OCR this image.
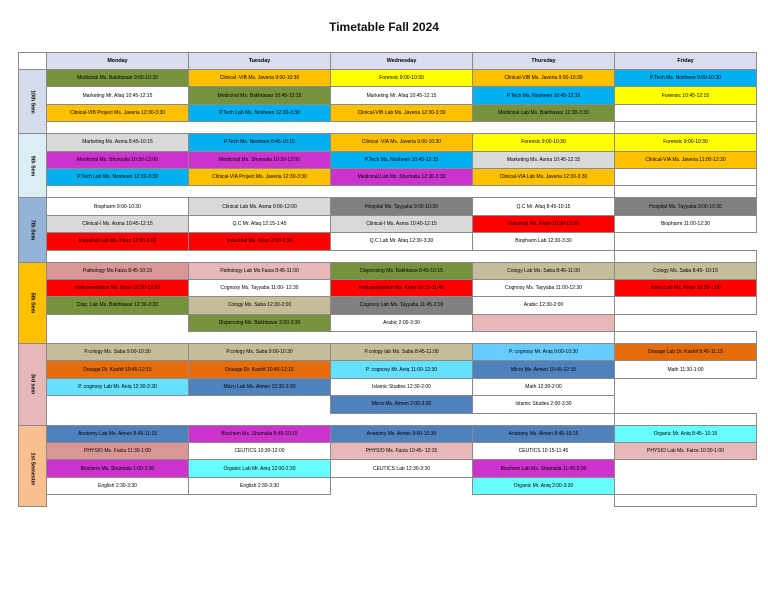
Timetable Fall 2024
	Monday	Tuesday	Wednesday	Thursday	Friday

10th Sem	Medicinal Ms. Bakhtawar 9:00-10:30	Clinical -VIB Ms. Javeria 9:00-10:30	Forensic 9:00-10:30	Clinical-VIB Ms. Javeria 9:00-10:30	P.Tech Ms. Nosheen 9:00-10:30
	Marketing Mr. Afaq 10:45-12:15	Medicinal Ms. Bakhtawar 10:45-12:15	Marketing Mr. Afaq 10:45-12:15	P.Tech Ms. Nosheen 10:45-12:15	Forensic 10:45-12:15
	Clinical-VIB Project Ms. Javeria 12:30-3:30	P.Tech Lab Ms. Nosheen 12:30-3:30	Clinical-VIB Lab Ms. Javeria 12:30-3:30	Medicinal Lab Ms. Bakhtawar 12:30-3:30	

9th Sem	Marketing Ms. Asma 8:45-10:15	P.Tech Ms. Nosheen 8:45-10:15	Clinical -VIA Ms. Javeria 9:00-10:30	Forensic 9:00-10:30	Forensic 9:00-10:30
	Medicinal Ms. Shumaila 10:30-12:00	Medicinal Ms. Shumaila 10:30-12:00	P.Tech Ms. Nosheen 10:45-12:15	Marketing Ms. Asma 10:45-12:15	Clinical-VIA Ms. Javeria 11:00-12:30
	P.Tech Lab Ms. Nosheen 12:30-3:30	Clinical-VIA Project Ms. Javeria 12:30-3:30	Medicinal Lab Ms. Shumaila 12:30-3:30	Clinical-VIA Lab Ms. Javeria 12:30-3:30	

7th Sem	Biopharm 9:00-10:30	Clinical Lab Ms. Asma 9:00-12:00	Hospital Ms. Tayyaba 9:00-10:30	Q.C Mr. Afaq 8:45-10:15	Hospital Ms. Tayyaba 9:00-10:30
	Clinical-I Ms. Asma 10:45-12:15	Q.C Mr. Afaq 12:15-1:45	Clinical-I Ms. Asma 10:45-12:15	Industrial Ms. Kiran 10:30-12:00	Biopharm 11:00-12:30
	Industrial Lab Ms. Kiran 12:00-3:00	Industrial Ms. Kiran 2:00-3:30	Q.C Lab Mr. Afaq 12:30-3:30	Biopharm Lab 12:30-3:30	

5th Sem	Pathology Ms.Faiza 8:45-10:15	Pathology Lab Ms.Faiza 8:45-11:00	Dispensing Ms. Bakhtawa 8:45-10:15	Cology Lab Ms. Saba 8:45-11:00	Cology Ms. Saba 8:45- 10:15
	Instrumentation Ms. Kiran 10:30-12:00	Cognosy Ms. Tayyaba 11:00- 12:30	Instrumentation Ms. Kiran 10:15-11:45	Cognosy Ms. Tayyaba 11:00-12:30	Instru Lab Ms. Kiran 10:30-1:00
	Disp. Lab Ms. Bakhtawar 12:30-3:30	Cology Ms. Saba 12:30-2:00	Cognosy Lab Ms. Tayyaba 11:45-2:00	Arabic 12:30-2:00	
		Dispensing Ms. Bakhtawar 2:00-3:30	Arabic 2:00-3:30		

3rd sem	P.cology Ms. Saba 9:00-10:30	P.cology Ms. Saba 9:00-10:30	P.cology lab Ms. Saba 8:45-11:00	P. cognosy Mr. Aniq 9:00-10:30	Dosage Lab Dr. Kashif 8:45-11:15
	Dosage Dr. Kashif 10:45-12:15	Dosage Dr. Kashif 10:45-12:15	P. cognosy Mr. Aniq 11:00-12:30	Micro Ms. Aimen 10:45-12:15	Math 11:30-1:00
	P. cognosy Lab Mr. Aniq 12:30-3:30	Micro Lab Ms. Aimen 12:30-3:30	Islamic Studies 12:30-2:00	Math 12:30-2:00	
			Micro Ms. Aimen 2:00-3:30	Islamic Studies 2:00-3:30	

1st Semester	Anatomy Lab Ms. Aimen 8:45-11:15	Biochem Ms. Shumaila 8:45-10:15	Anatomy Ms. Aimen 9:00-10:30	Anatomy Ms. Aimen 8:45-10:15	Organic Mr. Aniq 8:45- 10:15
	PHYSIO Ms. Faiza 11:30-1:00	CEUTICS 10:30-12:00	PHYSIO Ms. Faiza 10:45- 12:15	CEUTICS 10:15-11:45	PHYSIO Lab Ms. Faiza 10:30-1:00
	Biochem Ms. Shumaila 1:00-2:30	Organic Lab Mr. Aniq 12:00-2:30	CEUTICS Lab 12:30-3:30	Biochem Lab Ms. Shumaila 11:45-2:00	
	English 2:30-3:30	English 2:30-3:30		Organic Mr. Aniq 2:00-3:30	
